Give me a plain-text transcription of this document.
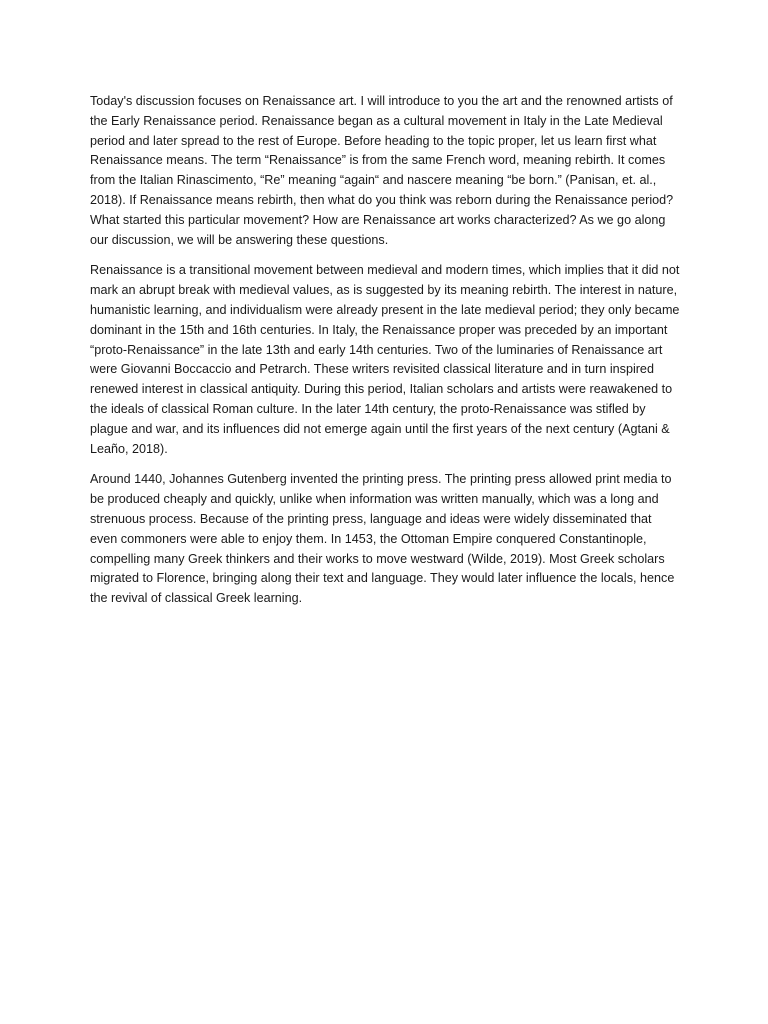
Today's discussion focuses on Renaissance art. I will introduce to you the art and the renowned artists of the Early Renaissance period. Renaissance began as a cultural movement in Italy in the Late Medieval period and later spread to the rest of Europe. Before heading to the topic proper, let us learn first what Renaissance means. The term “Renaissance” is from the same French word, meaning rebirth. It comes from the Italian Rinascimento, “Re” meaning “again“ and nascere meaning “be born.” (Panisan, et. al., 2018). If Renaissance means rebirth, then what do you think was reborn during the Renaissance period? What started this particular movement? How are Renaissance art works characterized? As we go along our discussion, we will be answering these questions.

Renaissance is a transitional movement between medieval and modern times, which implies that it did not mark an abrupt break with medieval values, as is suggested by its meaning rebirth. The interest in nature, humanistic learning, and individualism were already present in the late medieval period; they only became dominant in the 15th and 16th centuries. In Italy, the Renaissance proper was preceded by an important “proto-Renaissance” in the late 13th and early 14th centuries. Two of the luminaries of Renaissance art were Giovanni Boccaccio and Petrarch. These writers revisited classical literature and in turn inspired renewed interest in classical antiquity. During this period, Italian scholars and artists were reawakened to the ideals of classical Roman culture. In the later 14th century, the proto-Renaissance was stifled by plague and war, and its influences did not emerge again until the first years of the next century (Agtani & Leaño, 2018).

Around 1440, Johannes Gutenberg invented the printing press. The printing press allowed print media to be produced cheaply and quickly, unlike when information was written manually, which was a long and strenuous process. Because of the printing press, language and ideas were widely disseminated that even commoners were able to enjoy them. In 1453, the Ottoman Empire conquered Constantinople, compelling many Greek thinkers and their works to move westward (Wilde, 2019). Most Greek scholars migrated to Florence, bringing along their text and language. They would later influence the locals, hence the revival of classical Greek learning.
